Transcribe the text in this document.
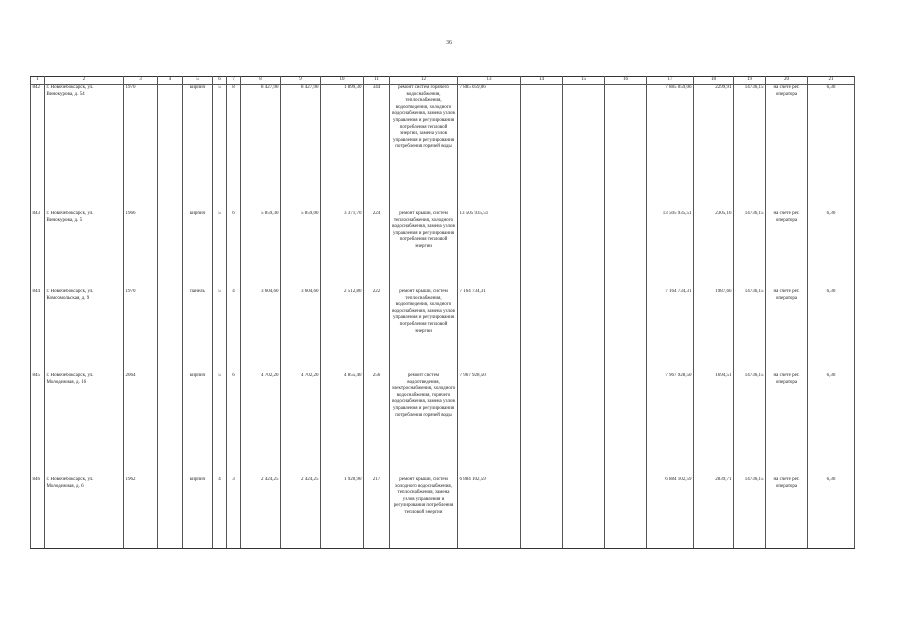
36
1	2	3	4	5	6	7	8	9	10	11	12	13	14	15	16	17	18	19	20	21
842	г. Новочебоксарск, ул. Винокурова, д. 54	1970		кирпич	5	8	8 427,90	8 427,90	1 899,30	344	ремонт систем горячего водоснабжения, теплоснабжения, водоотведения, холодного водоснабжения, замена узлов управления и регулирования потребления тепловой энергии, замена узлов управления и регулирования потребления горячей воды	7 885 059,06				7 885 059,06	2299,91	14736,15	на счете рег. оператора	6,30
843	г. Новочебоксарск, ул. Винокурова, д. 5	1966		кирпич	5	6	5 859,30	5 859,00	3 371,70	224	ремонт крыши, систем теплоснабжения, холодного водоснабжения, замена узлов управления и регулирования потребления тепловой энергии	13 505 935,51				13 505 935,51	2305,16	14736,15	на счете рег. оператора	6,30
844	г. Новочебоксарск, ул. Комсомольская, д. 9	1970		панель	5	4	3 604,60	3 604,60	2 512,80	222	ремонт крыши, систем теплоснабжения, водоотведения, холодного водоснабжения, замена узлов управления и регулирования потребления тепловой энергии	7 164 734,31				7 164 734,31	1987,66	14736,15	на счете рег. оператора	6,30
845	г. Новочебоксарск, ул. Молодежная, д. 16	2064		кирпич	5	6	4 702,20	4 702,20	4 855,40	256	ремонт систем водоотведения, электроснабжения, холодного водоснабжения, горячего водоснабжения, замена узлов управления и регулирования потребления горячей воды	7 967 928,50				7 967 928,50	1694,51	14736,15	на счете рег. оператора	6,30
846	г. Новочебоксарск, ул. Молодежная, д. 6	1962		кирпич	4	3	2 424,25	2 424,25	1 920,90	217	ремонт крыши, систем холодного водоснабжения, теплоснабжения, замена узлов управления и регулирования потребления тепловой энергии	6 884 102,59				6 884 102,59	2839,71	14736,15	на счете рег. оператора	6,30
